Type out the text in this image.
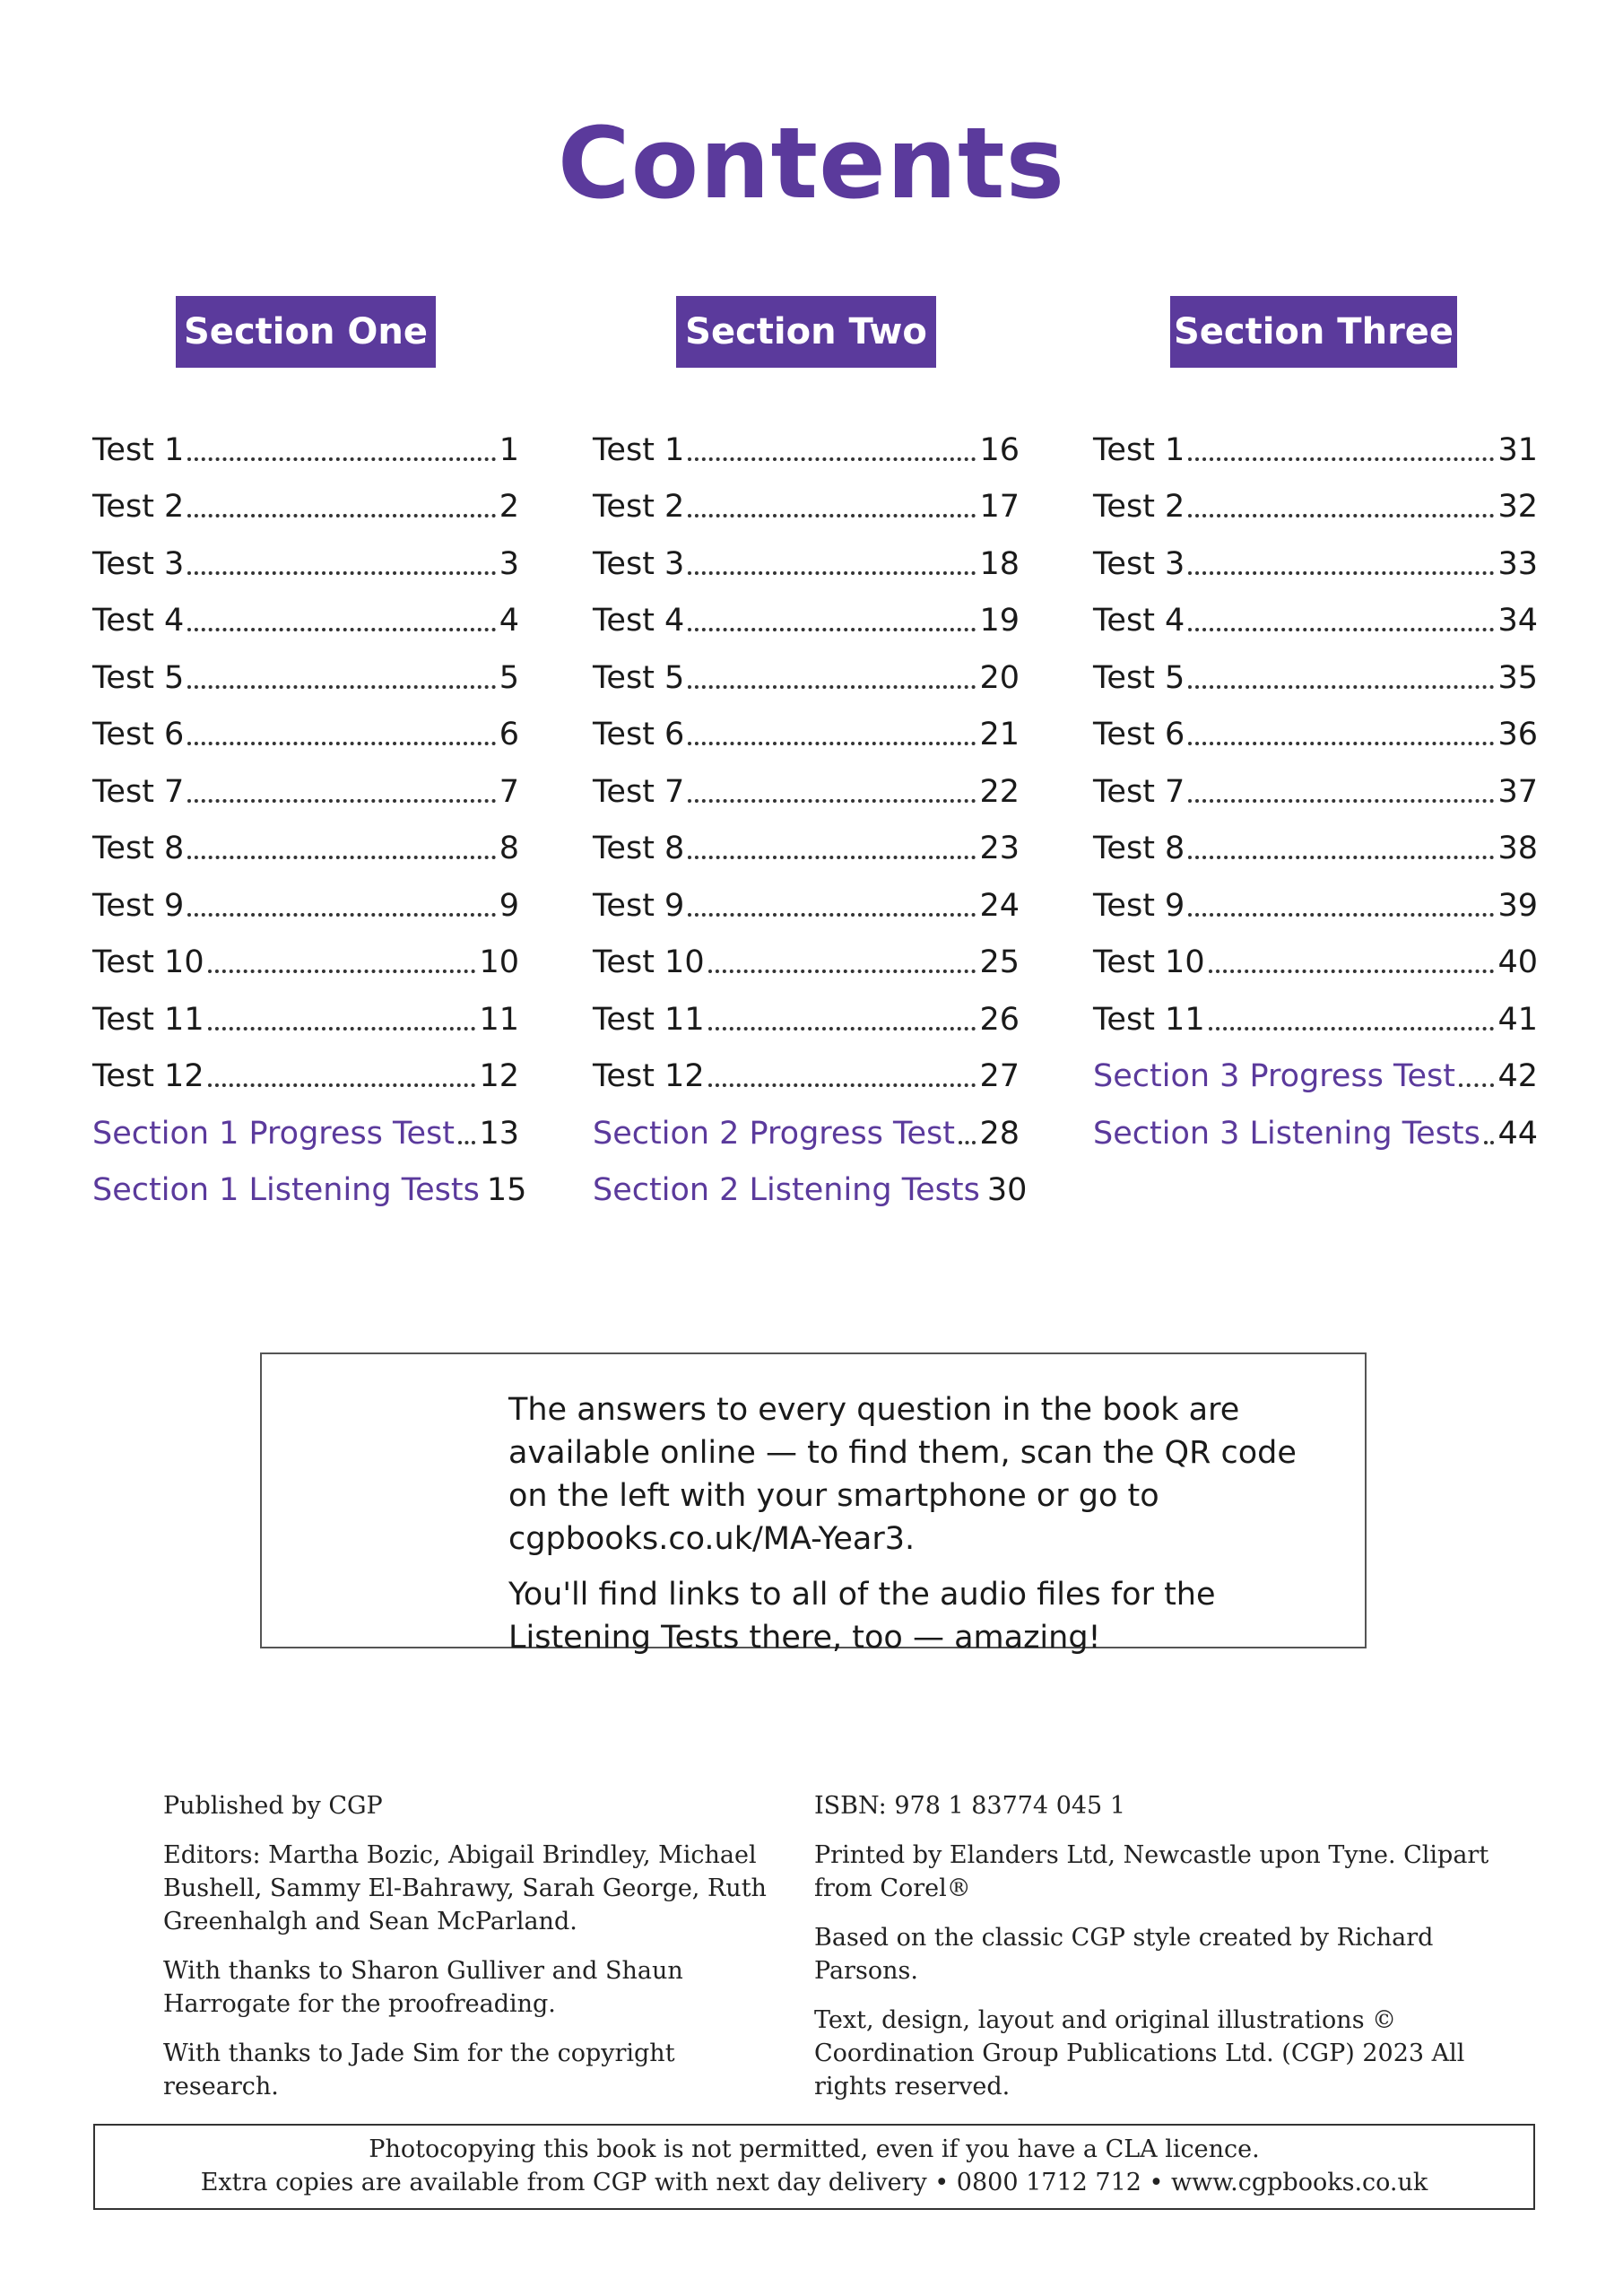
Contents
Section One
Test 1	1
Test 2	2
Test 3	3
Test 4	4
Test 5	5
Test 6	6
Test 7	7
Test 8	8
Test 9	9
Test 10	10
Test 11	11
Test 12	12
Section 1 Progress Test 13
Section 1 Listening Tests 15
Section Two
Test 1	16
Test 2	17
Test 3	18
Test 4	19
Test 5	20
Test 6	21
Test 7	22
Test 8	23
Test 9	24
Test 10	25
Test 11	26
Test 12	27
Section 2 Progress Test 28
Section 2 Listening Tests 30
Section Three
Test 1	31
Test 2	32
Test 3	33
Test 4	34
Test 5	35
Test 6	36
Test 7	37
Test 8	38
Test 9	39
Test 10	40
Test 11	41
Section 3 Progress Test 42
Section 3 Listening Tests 44

The answers to every question in the book are available online — to find them, scan the QR code on the left with your smartphone or go to cgpbooks.co.uk/MA-Year3.

You'll find links to all of the audio files for the Listening Tests there, too — amazing!

Published by CGP

Editors: Martha Bozic, Abigail Brindley, Michael Bushell, Sammy El-Bahrawy, Sarah George, Ruth Greenhalgh and Sean McParland.

With thanks to Sharon Gulliver and Shaun Harrogate for the proofreading.

With thanks to Jade Sim for the copyright research.

ISBN: 978 1 83774 045 1

Printed by Elanders Ltd, Newcastle upon Tyne. Clipart from Corel®

Based on the classic CGP style created by Richard Parsons.

Text, design, layout and original illustrations © Coordination Group Publications Ltd. (CGP) 2023 All rights reserved.

Photocopying this book is not permitted, even if you have a CLA licence.
Extra copies are available from CGP with next day delivery • 0800 1712 712 • www.cgpbooks.co.uk
